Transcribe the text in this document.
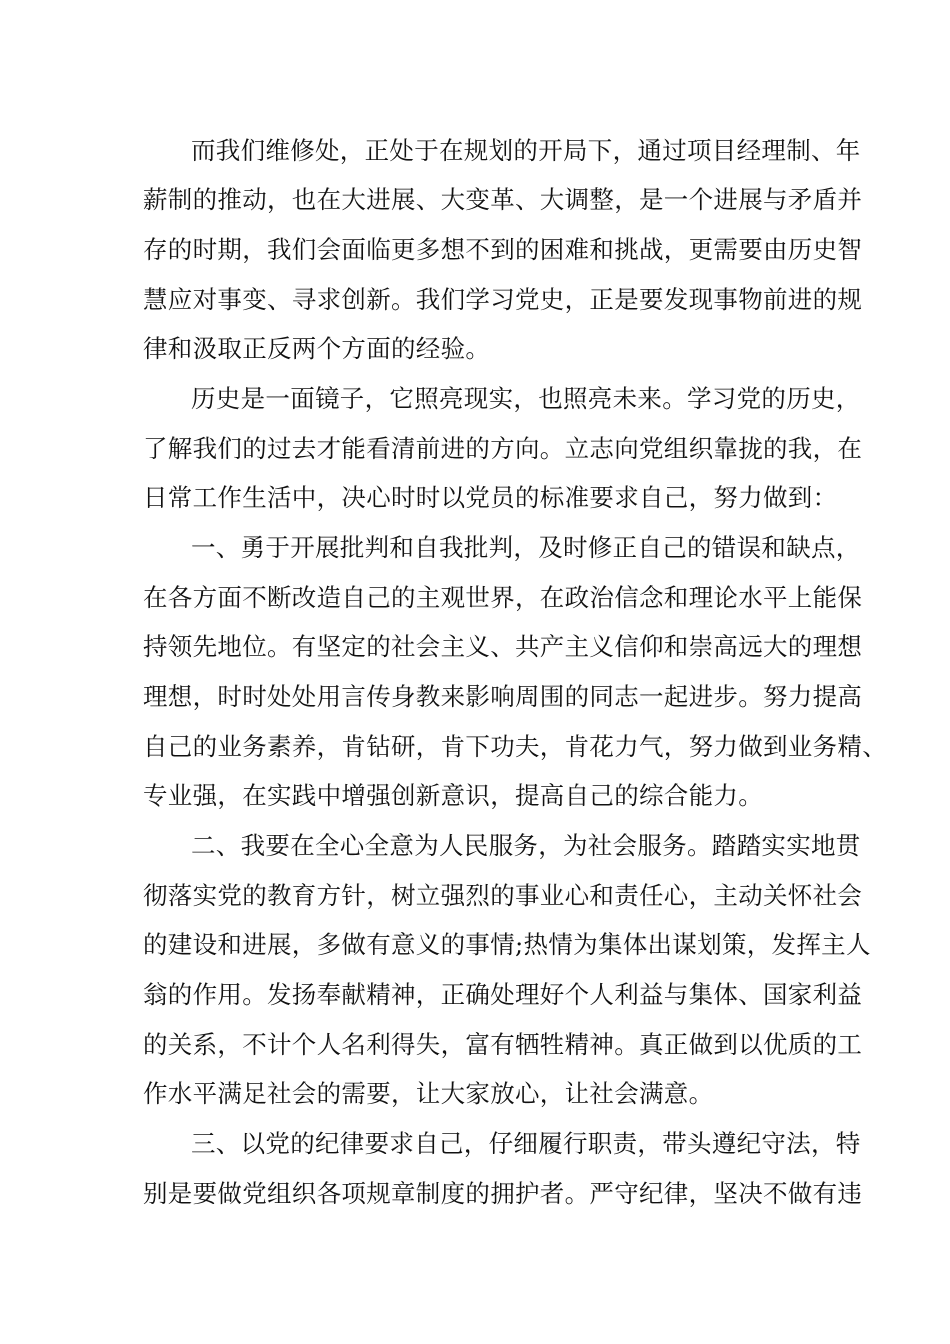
而我们维修处，正处于在规划的开局下，通过项目经理制、年
薪制的推动，也在大进展、大变革、大调整，是一个进展与矛盾并
存的时期，我们会面临更多想不到的困难和挑战，更需要由历史智
慧应对事变、寻求创新。我们学习党史，正是要发现事物前进的规
律和汲取正反两个方面的经验。
历史是一面镜子，它照亮现实，也照亮未来。学习党的历史，
了解我们的过去才能看清前进的方向。立志向党组织靠拢的我，在
日常工作生活中，决心时时以党员的标准要求自己，努力做到：
一、勇于开展批判和自我批判，及时修正自己的错误和缺点，
在各方面不断改造自己的主观世界，在政治信念和理论水平上能保
持领先地位。有坚定的社会主义、共产主义信仰和崇高远大的理想
理想，时时处处用言传身教来影响周围的同志一起进步。努力提高
自己的业务素养，肯钻研，肯下功夫，肯花力气，努力做到业务精、
专业强，在实践中增强创新意识，提高自己的综合能力。
二、我要在全心全意为人民服务，为社会服务。踏踏实实地贯
彻落实党的教育方针，树立强烈的事业心和责任心，主动关怀社会
的建设和进展，多做有意义的事情;热情为集体出谋划策，发挥主人
翁的作用。发扬奉献精神，正确处理好个人利益与集体、国家利益
的关系，不计个人名利得失，富有牺牲精神。真正做到以优质的工
作水平满足社会的需要，让大家放心，让社会满意。
三、以党的纪律要求自己，仔细履行职责，带头遵纪守法，特
别是要做党组织各项规章制度的拥护者。严守纪律，坚决不做有违
